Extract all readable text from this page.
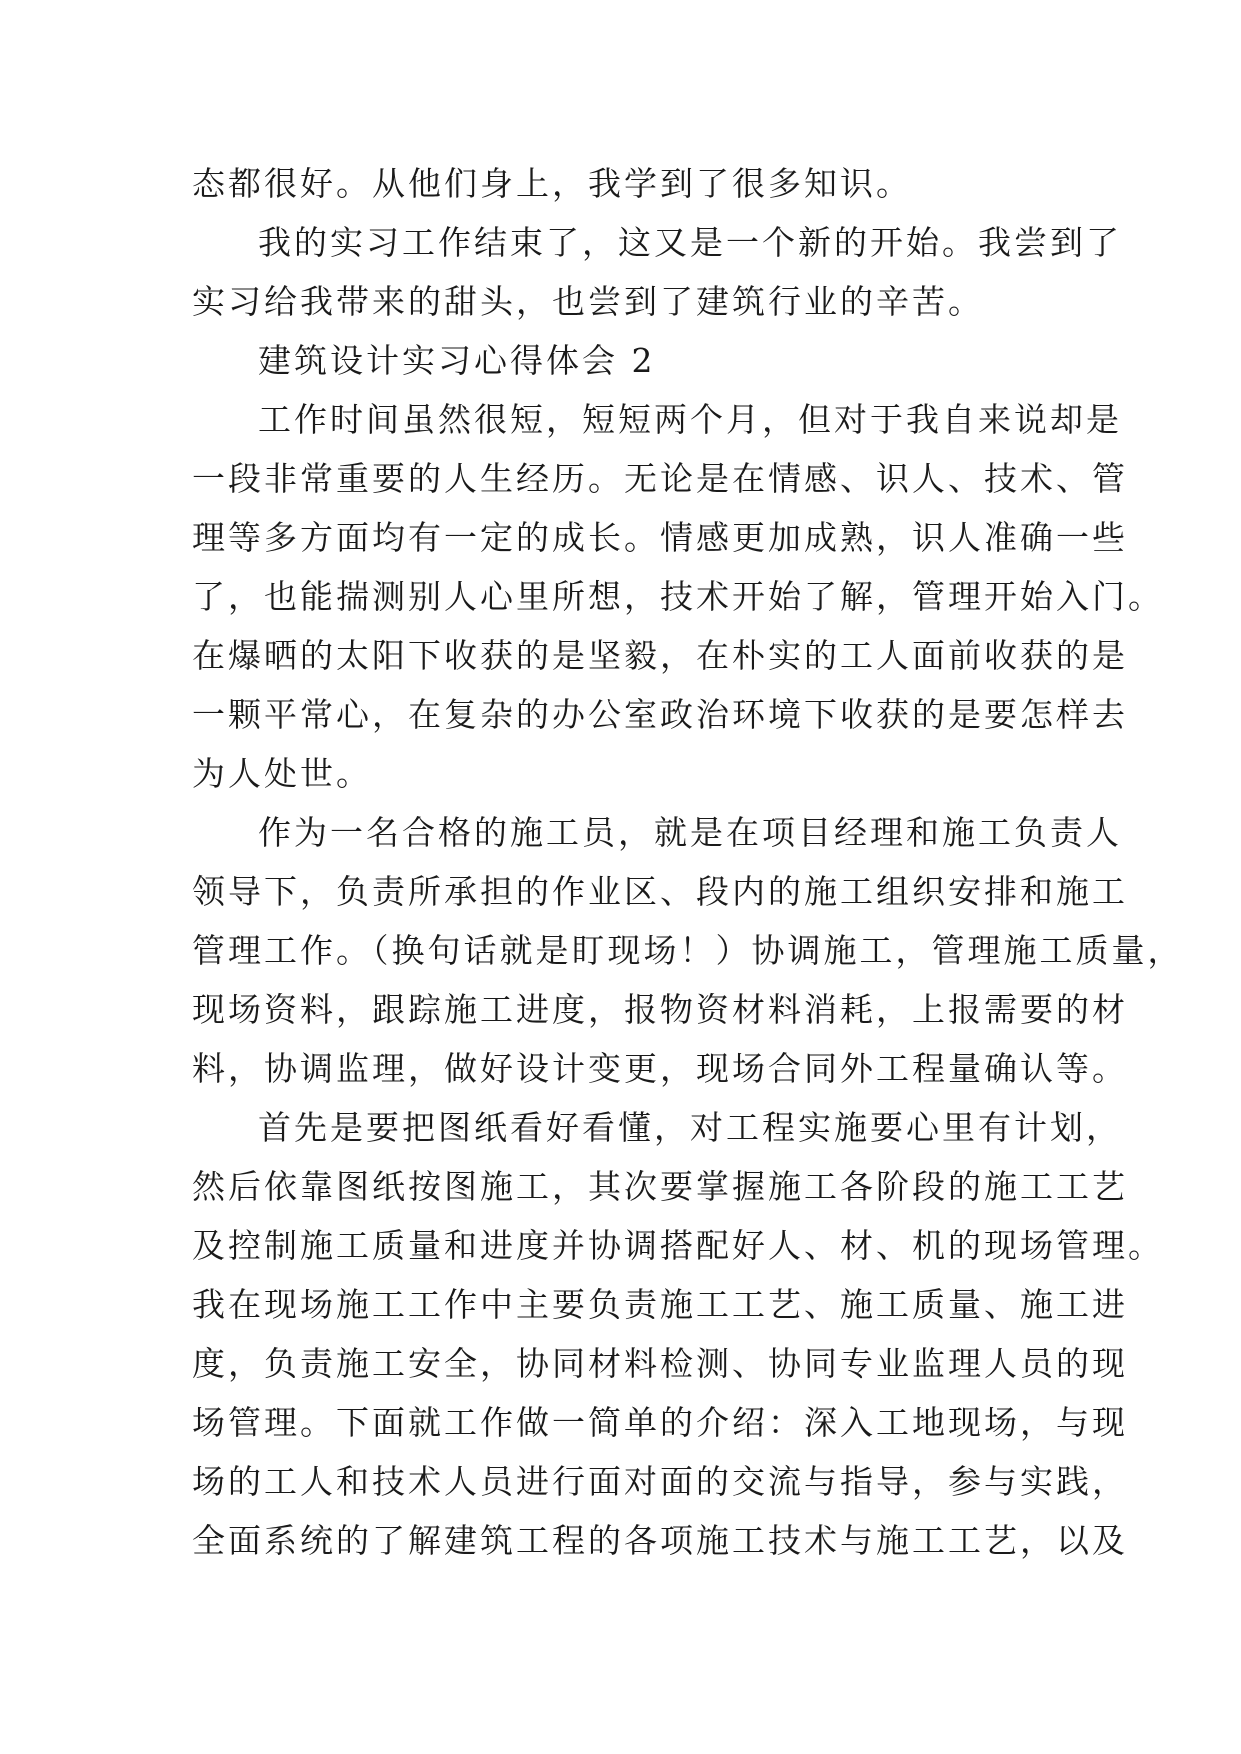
态都很好。从他们身上，我学到了很多知识。

我的实习工作结束了，这又是一个新的开始。我尝到了
实习给我带来的甜头，也尝到了建筑行业的辛苦。

建筑设计实习心得体会 2

工作时间虽然很短，短短两个月，但对于我自来说却是
一段非常重要的人生经历。无论是在情感、识人、技术、管
理等多方面均有一定的成长。情感更加成熟，识人准确一些
了，也能揣测别人心里所想，技术开始了解，管理开始入门。
在爆晒的太阳下收获的是坚毅，在朴实的工人面前收获的是
一颗平常心，在复杂的办公室政治环境下收获的是要怎样去
为人处世。

作为一名合格的施工员，就是在项目经理和施工负责人
领导下，负责所承担的作业区、段内的施工组织安排和施工
管理工作。（换句话就是盯现场！）协调施工，管理施工质量，
现场资料，跟踪施工进度，报物资材料消耗，上报需要的材
料，协调监理，做好设计变更，现场合同外工程量确认等。

首先是要把图纸看好看懂，对工程实施要心里有计划，
然后依靠图纸按图施工，其次要掌握施工各阶段的施工工艺
及控制施工质量和进度并协调搭配好人、材、机的现场管理。
我在现场施工工作中主要负责施工工艺、施工质量、施工进
度，负责施工安全，协同材料检测、协同专业监理人员的现
场管理。下面就工作做一简单的介绍：深入工地现场，与现
场的工人和技术人员进行面对面的交流与指导，参与实践，
全面系统的了解建筑工程的各项施工技术与施工工艺，以及
